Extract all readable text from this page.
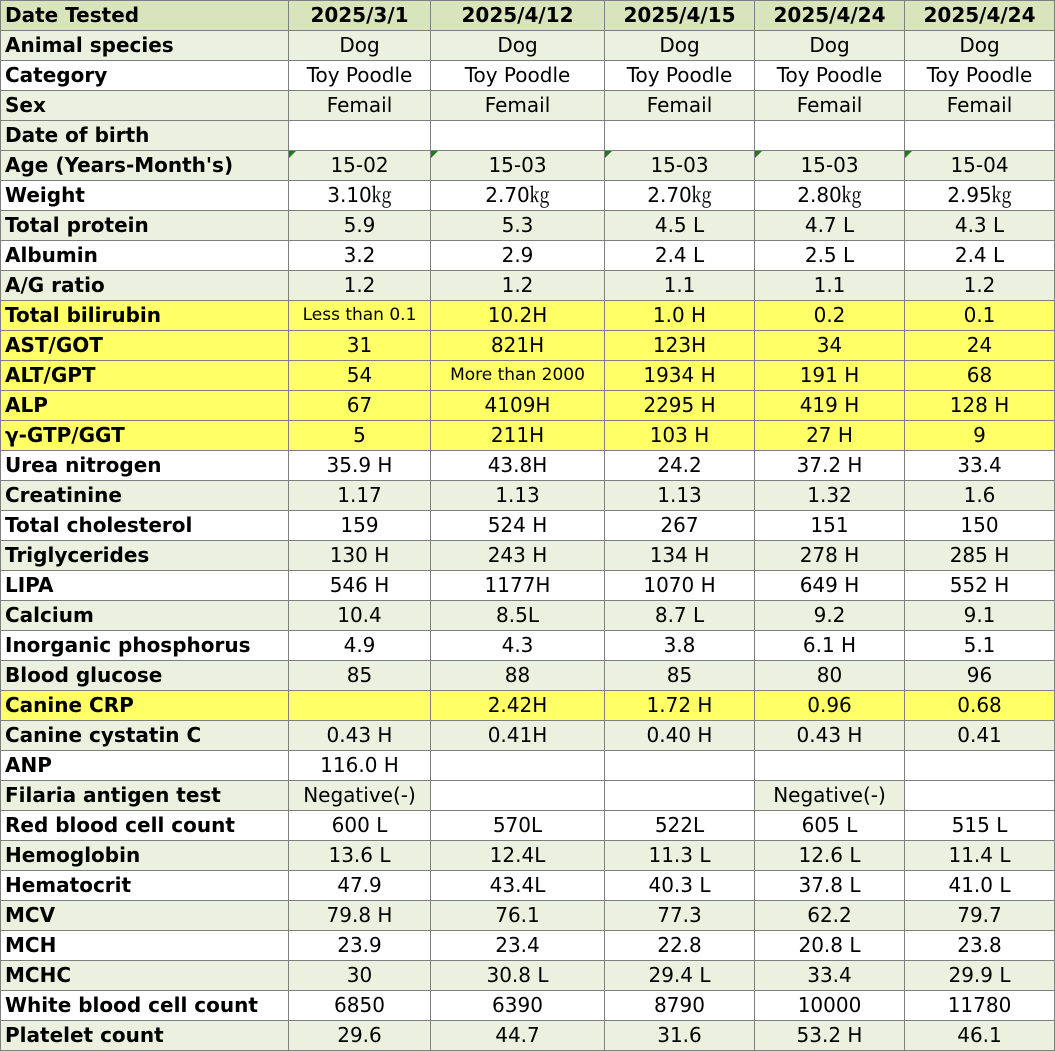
Date Tested	2025/3/1	2025/4/12	2025/4/15	2025/4/24	2025/4/24
Animal species	Dog	Dog	Dog	Dog	Dog
Category	Toy Poodle	Toy Poodle	Toy Poodle	Toy Poodle	Toy Poodle
Sex	Femail	Femail	Femail	Femail	Femail
Date of birth					
Age (Years-Month's)	15-02	15-03	15-03	15-03	15-04
Weight	3.10㎏	2.70㎏	2.70㎏	2.80㎏	2.95㎏
Total protein	5.9	5.3	4.5 L	4.7 L	4.3 L
Albumin	3.2	2.9	2.4 L	2.5 L	2.4 L
A/G ratio	1.2	1.2	1.1	1.1	1.2
Total bilirubin	Less than 0.1	10.2H	1.0 H	0.2	0.1
AST/GOT	31	821H	123H	34	24
ALT/GPT	54	More than 2000	1934 H	191 H	68
ALP	67	4109H	2295 H	419 H	128 H
γ-GTP/GGT	5	211H	103 H	27 H	9
Urea nitrogen	35.9 H	43.8H	24.2	37.2 H	33.4
Creatinine	1.17	1.13	1.13	1.32	1.6
Total cholesterol	159	524 H	267	151	150
Triglycerides	130 H	243 H	134 H	278 H	285 H
LIPA	546 H	1177H	1070 H	649 H	552 H
Calcium	10.4	8.5L	8.7 L	9.2	9.1
Inorganic phosphorus	4.9	4.3	3.8	6.1 H	5.1
Blood glucose	85	88	85	80	96
Canine CRP		2.42H	1.72 H	0.96	0.68
Canine cystatin C	0.43 H	0.41H	0.40 H	0.43 H	0.41
ANP	116.0 H				
Filaria antigen test	Negative(-)			Negative(-)	
Red blood cell count	600 L	570L	522L	605 L	515 L
Hemoglobin	13.6 L	12.4L	11.3 L	12.6 L	11.4 L
Hematocrit	47.9	43.4L	40.3 L	37.8 L	41.0 L
MCV	79.8 H	76.1	77.3	62.2	79.7
MCH	23.9	23.4	22.8	20.8 L	23.8
MCHC	30	30.8 L	29.4 L	33.4	29.9 L
White blood cell count	6850	6390	8790	10000	11780
Platelet count	29.6	44.7	31.6	53.2 H	46.1
